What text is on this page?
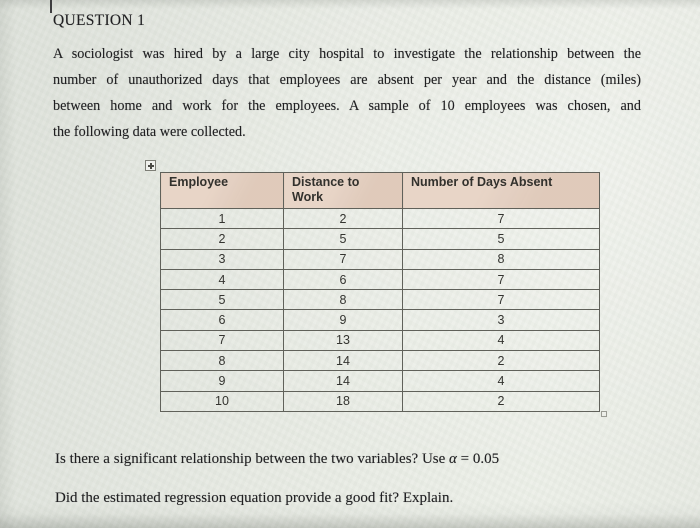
QUESTION 1
A sociologist was hired by a large city hospital to investigate the relationship between the
number of unauthorized days that employees are absent per year and the distance (miles)
between home and work for the employees. A sample of 10 employees was chosen, and
the following data were collected.
Employee	Distance to Work	Number of Days Absent
1	2	7
2	5	5
3	7	8
4	6	7
5	8	7
6	9	3
7	13	4
8	14	2
9	14	4
10	18	2

Is there a significant relationship between the two variables? Use α = 0.05

Did the estimated regression equation provide a good fit? Explain.
